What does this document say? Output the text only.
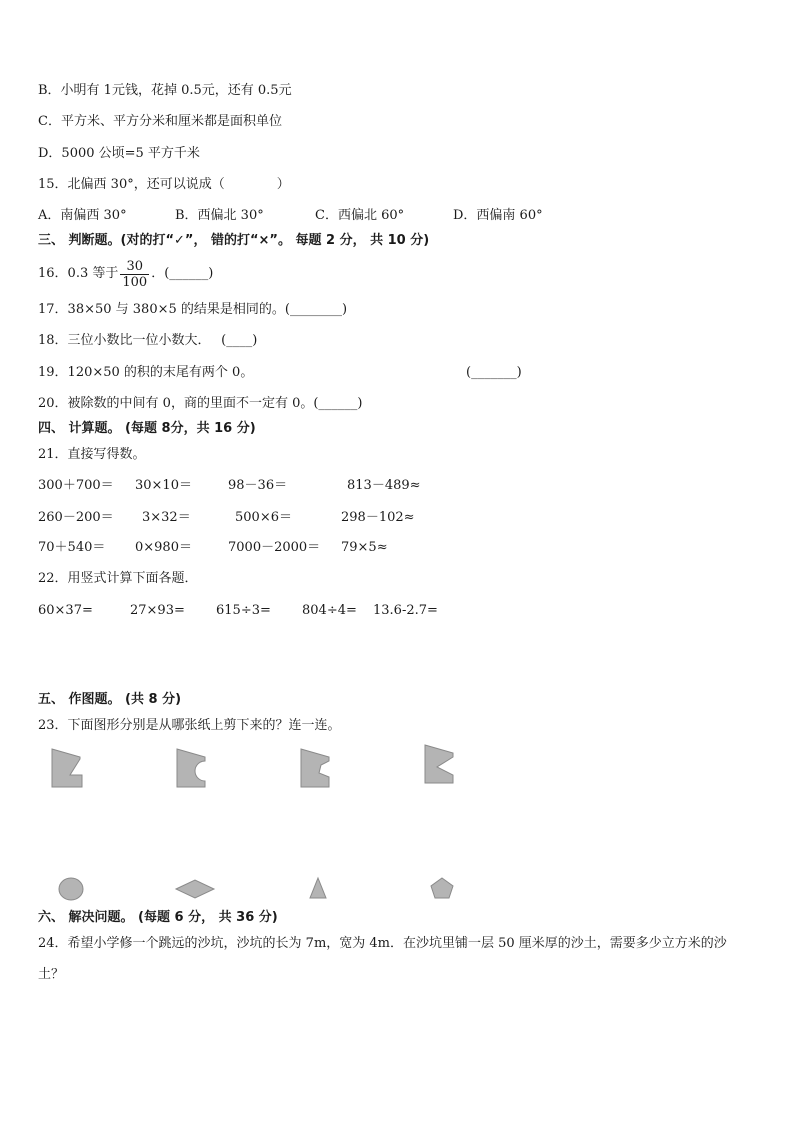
B．小明有 1元钱，花掉 0.5元，还有 0.5元
C．平方米、平方分米和厘米都是面积单位
D．5000 公顷=5 平方千米
15．北偏西 30°，还可以说成（　　　　）
A．南偏西 30°	B．西偏北 30°	C．西偏北 60°	D．西偏南 60°
三、 判断题。(对的打“✓”， 错的打“×”。 每题 2 分， 共 10 分)
16．0.3 等于 $\frac{30}{100}$ ．(______)
17．38×50 与 380×5 的结果是相同的。(________)
18．三位小数比一位小数大．　 (____)
19．120×50 的积的末尾有两个 0。	(_______)
20．被除数的中间有 0，商的里面不一定有 0。(______)
四、 计算题。 (每题 8分，共 16 分)
21．直接写得数。
300＋700＝ 30×10＝	98－36＝	813－489≈
260－200＝ 3×32＝	500×6＝	298－102≈
70＋540＝ 0×980＝	7000－2000＝ 79×5≈
22．用竖式计算下面各题．
60×37=	27×93= 615÷3= 804÷4= 13.6-2.7=
五、 作图题。 (共 8 分)
23．下面图形分别是从哪张纸上剪下来的？连一连。
六、 解决问题。 (每题 6 分， 共 36 分)
24．希望小学修一个跳远的沙坑，沙坑的长为 7m，宽为 4m．在沙坑里铺一层 50 厘米厚的沙土，需要多少立方米的沙
土？
